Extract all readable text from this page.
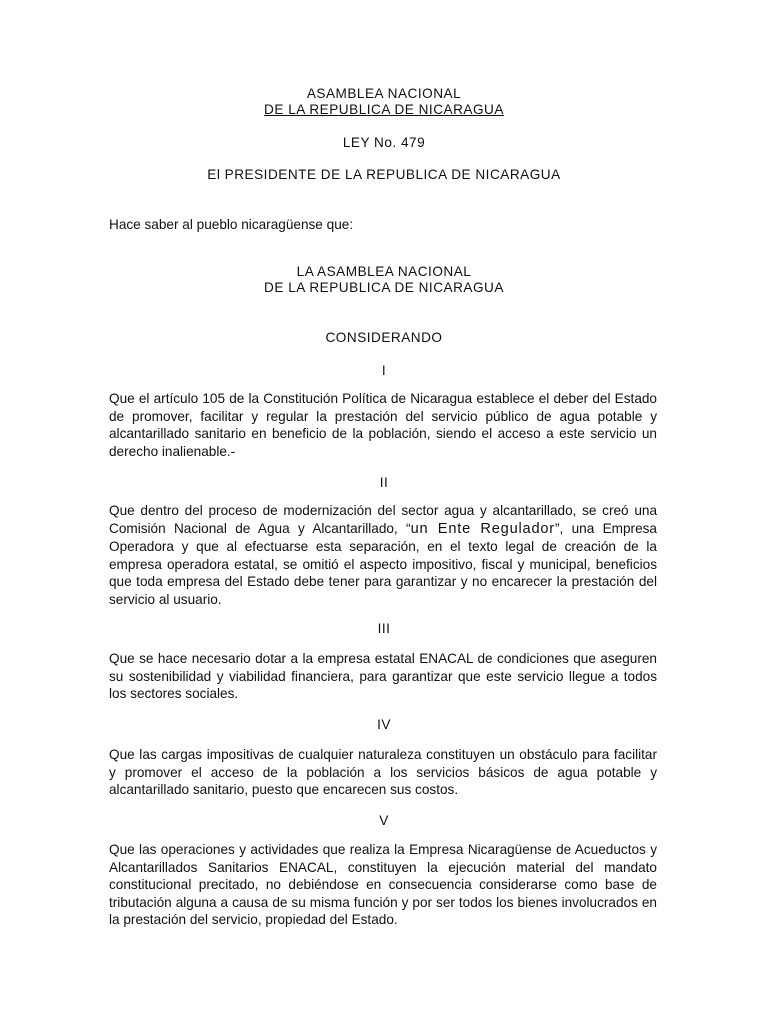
ASAMBLEA NACIONAL

DE LA REPUBLICA DE NICARAGUA

LEY No. 479

El PRESIDENTE DE LA REPUBLICA DE NICARAGUA

Hace saber al pueblo nicaragüense que:

LA ASAMBLEA NACIONAL

DE LA REPUBLICA DE NICARAGUA

CONSIDERANDO

I

Que el artículo 105 de la Constitución Política de Nicaragua establece el deber del Estado de promover, facilitar y regular la prestación del servicio público de agua potable y alcantarillado sanitario en beneficio de la población, siendo el acceso a este servicio un derecho inalienable.-

II

Que dentro del proceso de modernización del sector agua y alcantarillado, se creó una Comisión Nacional de Agua y Alcantarillado, “un Ente Regulador”, una Empresa Operadora y que al efectuarse esta separación, en el texto legal de creación de la empresa operadora estatal, se omitió el aspecto impositivo, fiscal y municipal, beneficios que toda empresa del Estado debe tener para garantizar y no encarecer la prestación del servicio al usuario.

III

Que se hace necesario dotar a la empresa estatal ENACAL de condiciones que aseguren su sostenibilidad y viabilidad financiera, para garantizar que este servicio llegue a todos los sectores sociales.

IV

Que las cargas impositivas de cualquier naturaleza constituyen un obstáculo para facilitar y promover el acceso de la población a los servicios básicos de agua potable y alcantarillado sanitario, puesto que encarecen sus costos.

V

Que las operaciones y actividades que realiza la Empresa Nicaragüense de Acueductos y Alcantarillados Sanitarios ENACAL, constituyen la ejecución material del mandato constitucional precitado, no debiéndose en consecuencia considerarse como base de tributación alguna a causa de su misma función y por ser todos los bienes involucrados en la prestación del servicio, propiedad del Estado.
